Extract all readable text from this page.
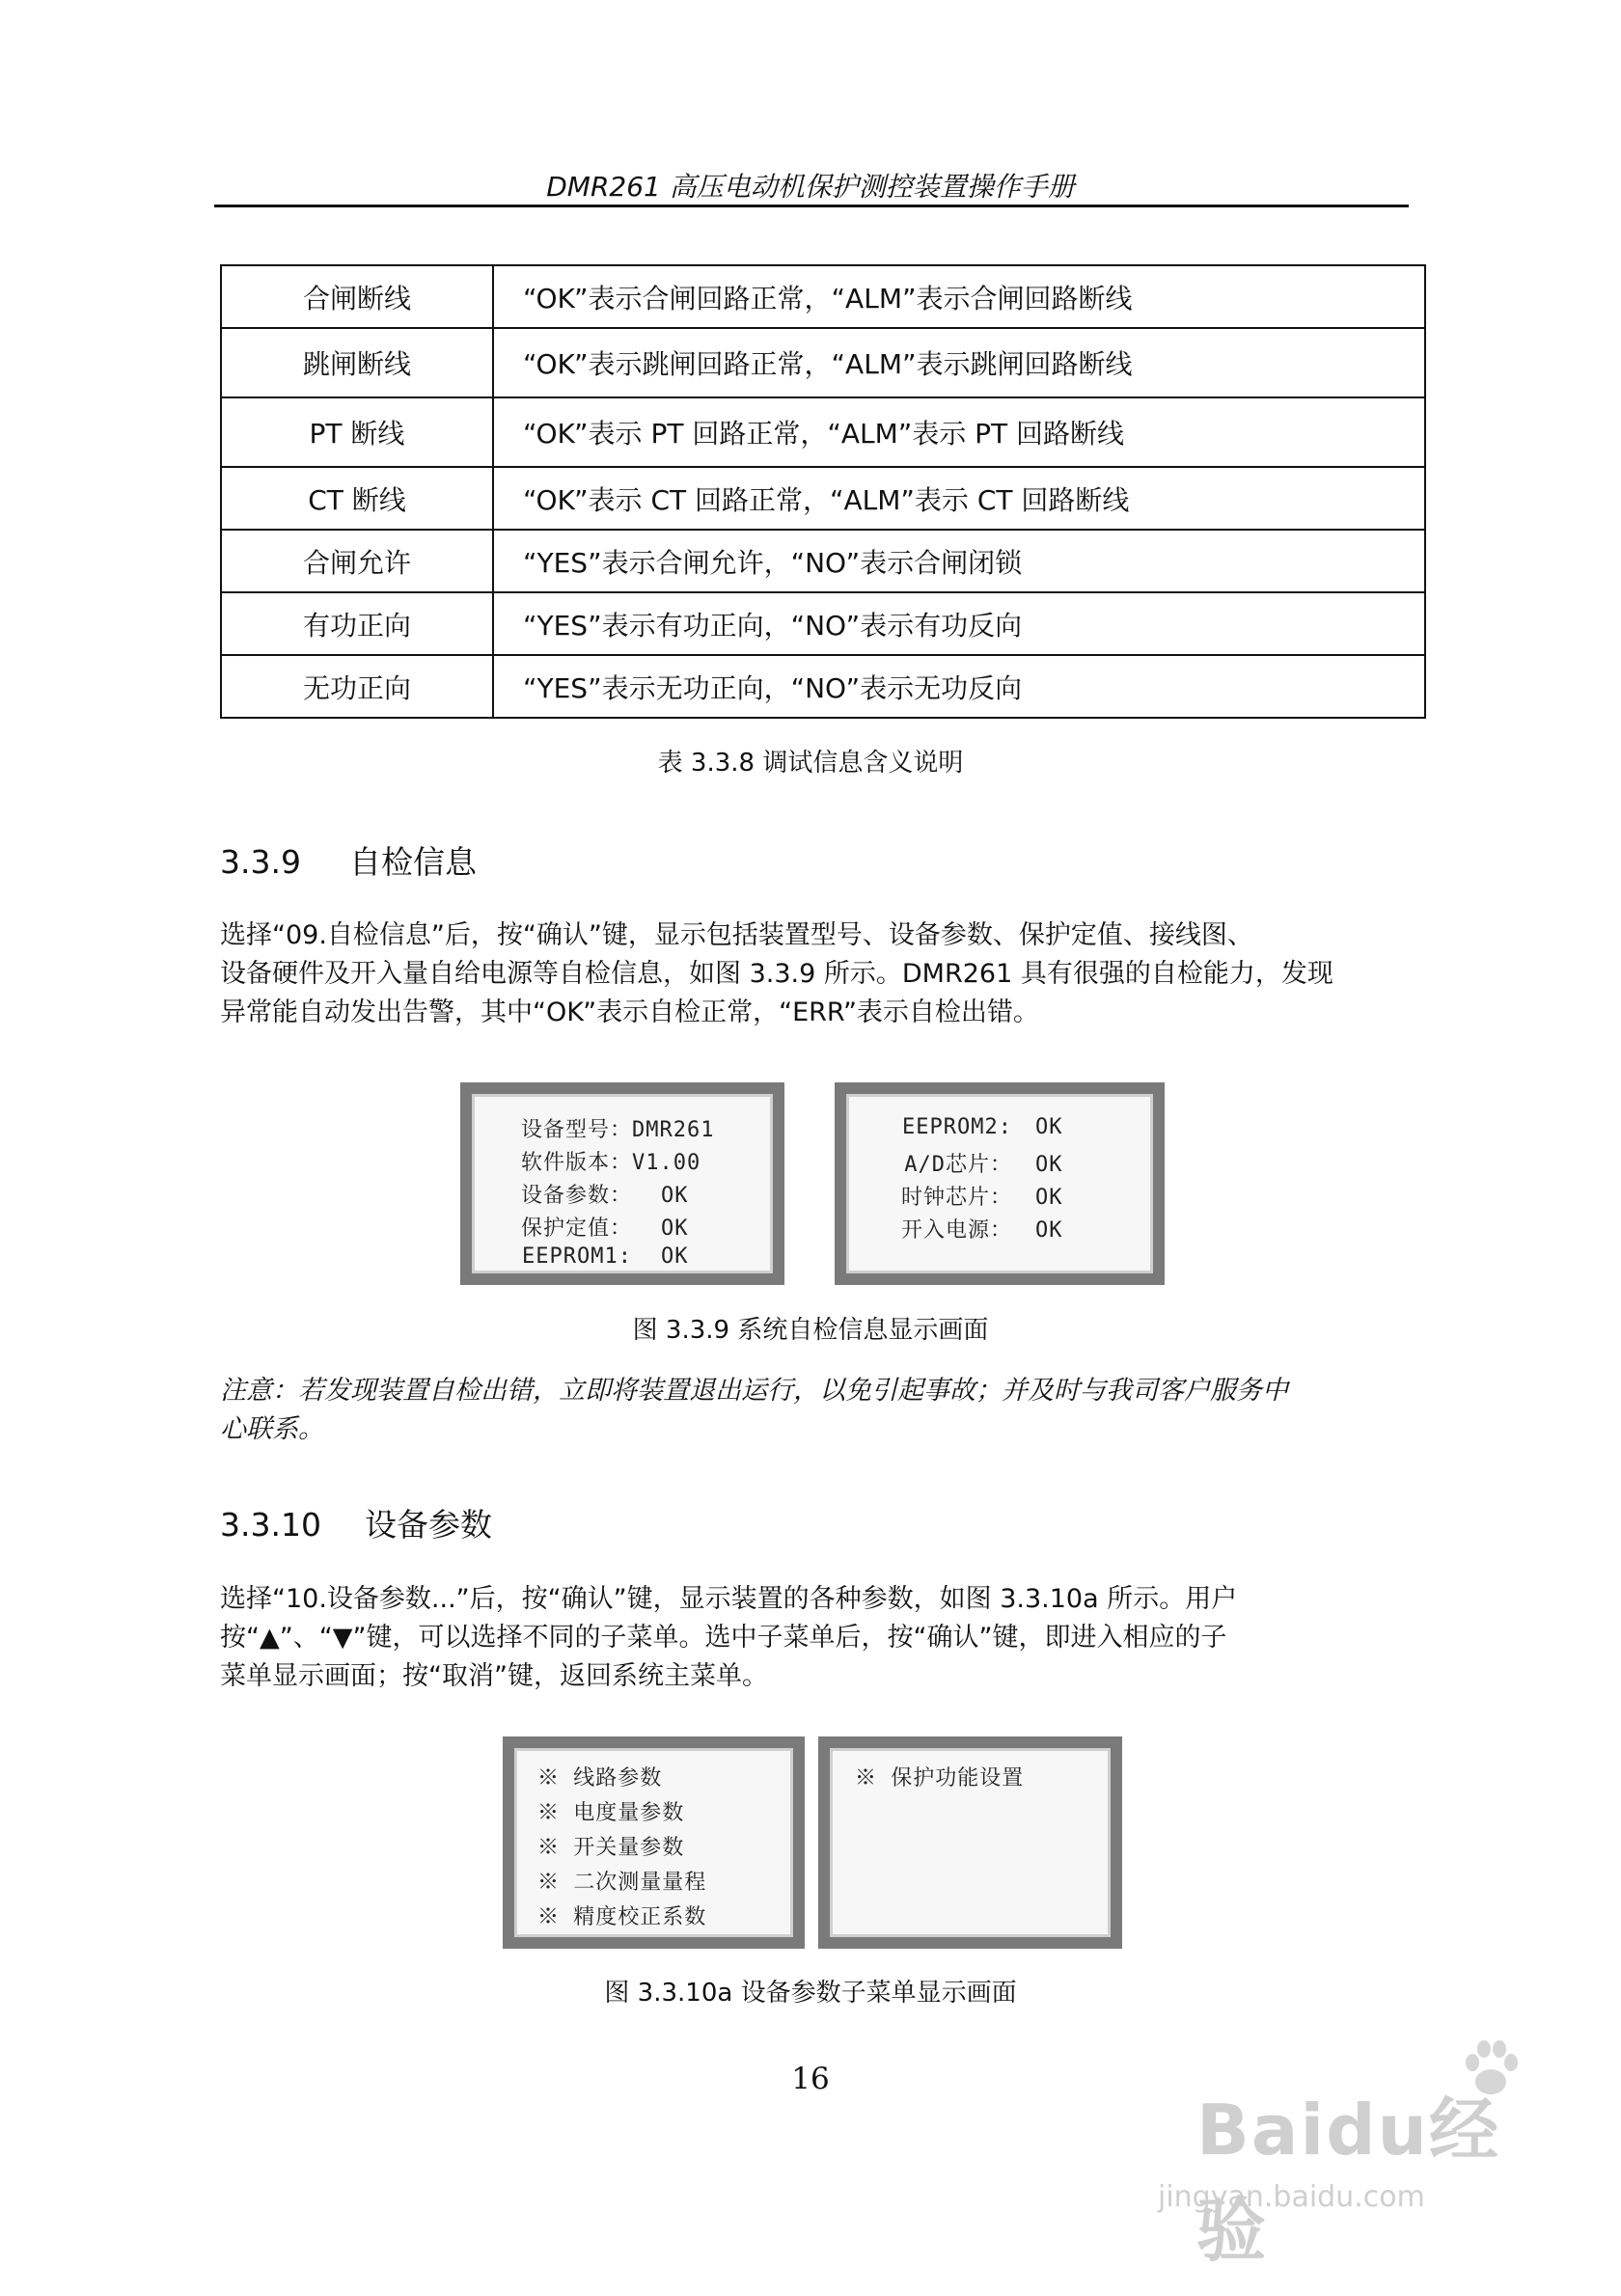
DMR261 高压电动机保护测控装置操作手册
合闸断线	“OK”表示合闸回路正常，“ALM”表示合闸回路断线
跳闸断线	“OK”表示跳闸回路正常，“ALM”表示跳闸回路断线
PT 断线	“OK”表示 PT 回路正常，“ALM”表示 PT 回路断线
CT 断线	“OK”表示 CT 回路正常，“ALM”表示 CT 回路断线
合闸允许	“YES”表示合闸允许，“NO”表示合闸闭锁
有功正向	“YES”表示有功正向，“NO”表示有功反向
无功正向	“YES”表示无功正向，“NO”表示无功反向
表 3.3.8 调试信息含义说明
3.3.9 自检信息
选择“09.自检信息”后，按“确认”键，显示包括装置型号、设备参数、保护定值、接线图、
设备硬件及开入量自给电源等自检信息，如图 3.3.9 所示。DMR261 具有很强的自检能力，发现
异常能自动发出告警，其中“OK”表示自检正常，“ERR”表示自检出错。
设备型号：DMR261
软件版本：V1.00
设备参数： OK
保护定值： OK
EEPROM1: OK
EEPROM2: OK
A/D芯片： OK
时钟芯片： OK
开入电源： OK
图 3.3.9 系统自检信息显示画面
注意：若发现装置自检出错，立即将装置退出运行，以免引起事故；并及时与我司客户服务中
心联系。
3.3.10 设备参数
选择“10.设备参数...”后，按“确认”键，显示装置的各种参数，如图 3.3.10a 所示。用户
按“▲”、“▼”键，可以选择不同的子菜单。选中子菜单后，按“确认”键，即进入相应的子
菜单显示画面；按“取消”键，返回系统主菜单。
※ 线路参数
※ 电度量参数
※ 开关量参数
※ 二次测量量程
※ 精度校正系数
※ 保护功能设置
图 3.3.10a 设备参数子菜单显示画面
16
Baidu经验
jingyan.baidu.com
